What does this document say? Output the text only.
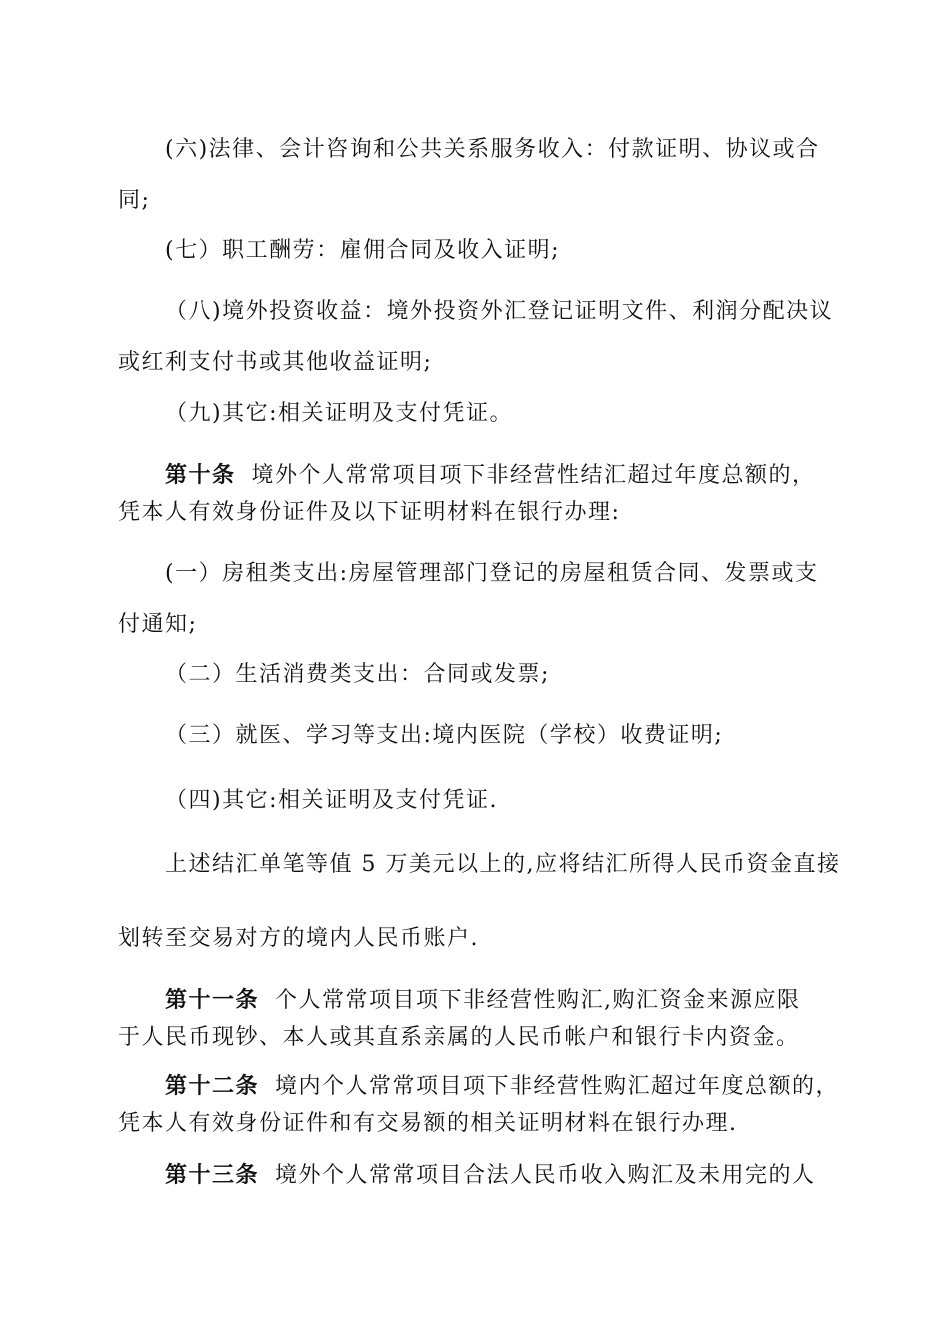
(六)法律、会计咨询和公共关系服务收入：付款证明、协议或合
同;
(七）职工酬劳：雇佣合同及收入证明;
（八)境外投资收益：境外投资外汇登记证明文件、利润分配决议
或红利支付书或其他收益证明;
（九)其它:相关证明及支付凭证。
第十条 境外个人常常项目项下非经营性结汇超过年度总额的，
凭本人有效身份证件及以下证明材料在银行办理:
(一）房租类支出:房屋管理部门登记的房屋租赁合同、发票或支
付通知;
（二）生活消费类支出：合同或发票;
（三）就医、学习等支出:境内医院（学校）收费证明;
（四)其它:相关证明及支付凭证.
上述结汇单笔等值 5 万美元以上的,应将结汇所得人民币资金直接
划转至交易对方的境内人民币账户.
第十一条 个人常常项目项下非经营性购汇,购汇资金来源应限
于人民币现钞、本人或其直系亲属的人民币帐户和银行卡内资金。
第十二条 境内个人常常项目项下非经营性购汇超过年度总额的，
凭本人有效身份证件和有交易额的相关证明材料在银行办理.
第十三条 境外个人常常项目合法人民币收入购汇及未用完的人
